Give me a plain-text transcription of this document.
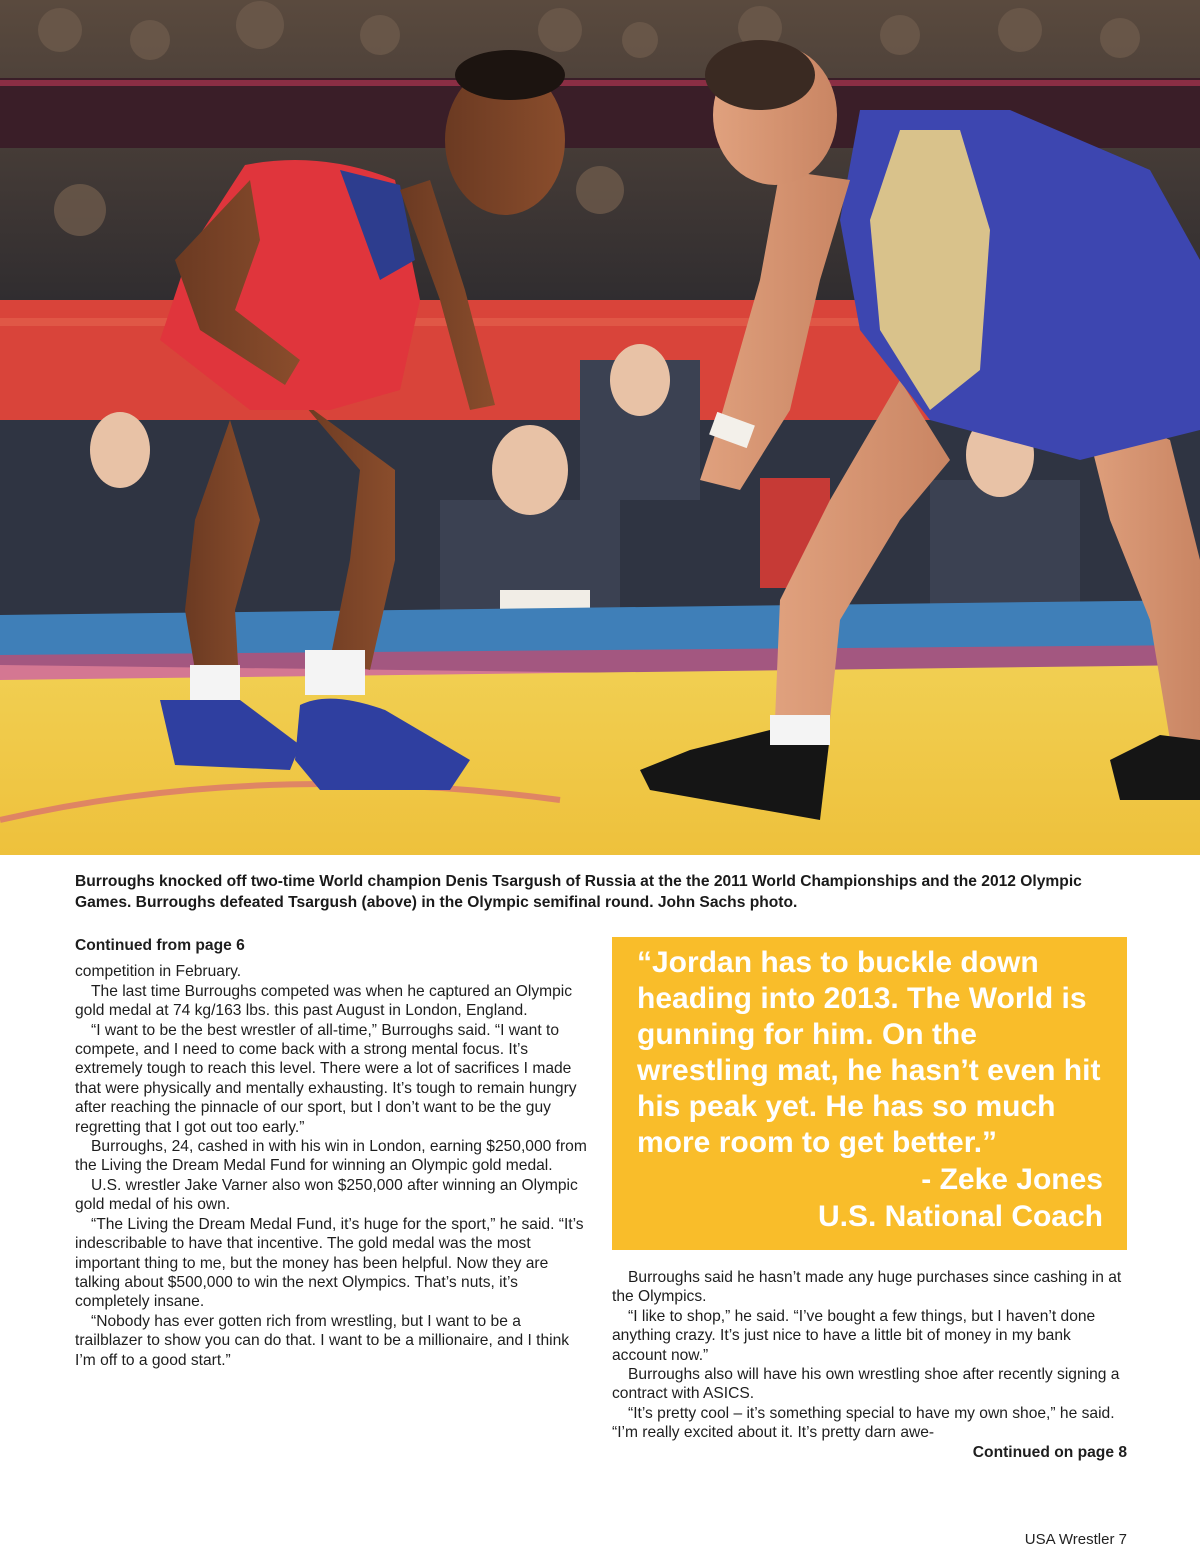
Burroughs knocked off two-time World champion Denis Tsargush of Russia at the the 2011 World Championships and the 2012 Olympic Games. Burroughs defeated Tsargush (above) in the Olympic semifinal round. John Sachs photo.
Continued from page 6

competition in February.

The last time Burroughs competed was when he captured an Olympic gold medal at 74 kg/163 lbs. this past August in London, England.

“I want to be the best wrestler of all-time,” Burroughs said. “I want to compete, and I need to come back with a strong mental focus. It’s extremely tough to reach this level. There were a lot of sacrifices I made that were physically and mentally exhausting. It’s tough to remain hungry after reaching the pinnacle of our sport, but I don’t want to be the guy regretting that I got out too early.”

Burroughs, 24, cashed in with his win in London, earning $250,000 from the Living the Dream Medal Fund for winning an Olympic gold medal.

U.S. wrestler Jake Varner also won $250,000 after winning an Olympic gold medal of his own.

“The Living the Dream Medal Fund, it’s huge for the sport,” he said. “It’s indescribable to have that incentive. The gold medal was the most important thing to me, but the money has been helpful. Now they are talking about $500,000 to win the next Olympics. That’s nuts, it’s completely insane.

“Nobody has ever gotten rich from wrestling, but I want to be a trailblazer to show you can do that. I want to be a millionaire, and I think I’m off to a good start.”

“Jordan has to buckle down heading into 2013. The World is gunning for him. On the wrestling mat, he hasn’t even hit his peak yet. He has so much more room to get better.”

- Zeke Jones

U.S. National Coach

Burroughs said he hasn’t made any huge purchases since cashing in at the Olympics.

“I like to shop,” he said. “I’ve bought a few things, but I haven’t done anything crazy. It’s just nice to have a little bit of money in my bank account now.”

Burroughs also will have his own wrestling shoe after recently signing a contract with ASICS.

“It’s pretty cool – it’s something special to have my own shoe,” he said. “I’m really excited about it. It’s pretty darn awe-

Continued on page 8
USA Wrestler 7
